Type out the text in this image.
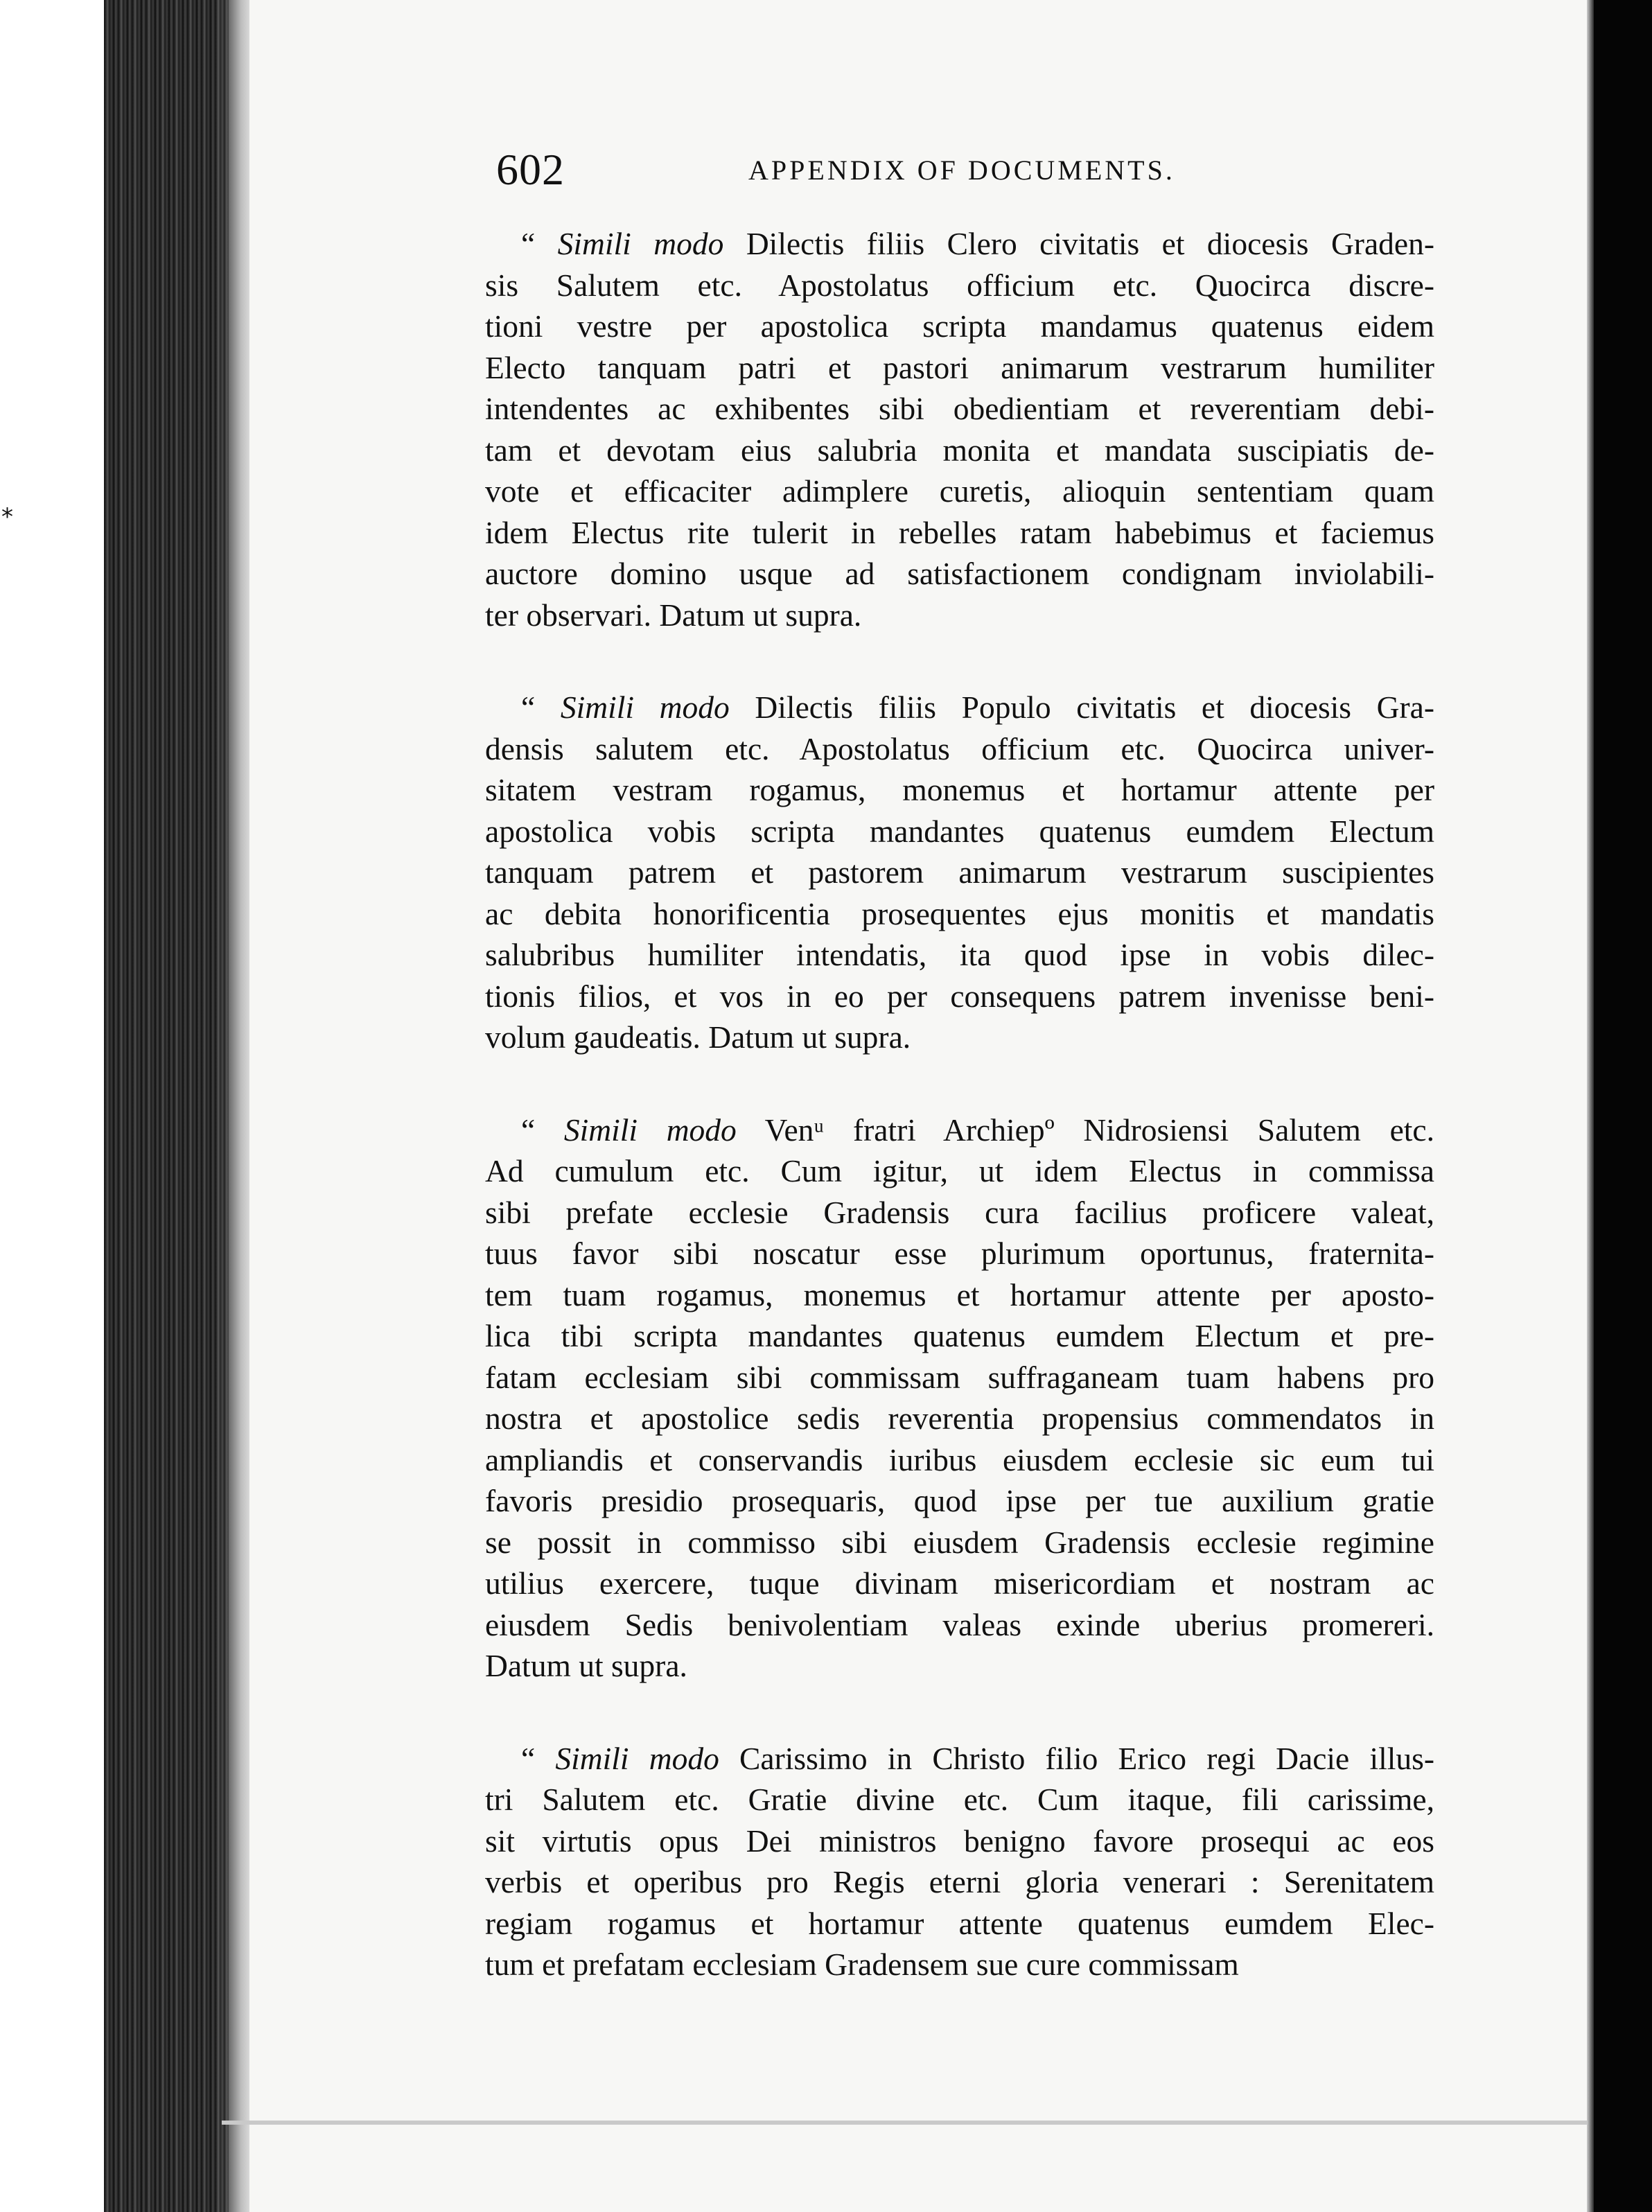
*
602	APPENDIX OF DOCUMENTS.
“ Simili modo Dilectis filiis Clero civitatis et diocesis Graden-
sis Salutem etc. Apostolatus officium etc. Quocirca discre-
tioni vestre per apostolica scripta mandamus quatenus eidem
Electo tanquam patri et pastori animarum vestrarum humiliter
intendentes ac exhibentes sibi obedientiam et reverentiam debi-
tam et devotam eius salubria monita et mandata suscipiatis de-
vote et efficaciter adimplere curetis, alioquin sententiam quam
idem Electus rite tulerit in rebelles ratam habebimus et faciemus
auctore domino usque ad satisfactionem condignam inviolabili-
ter observari. Datum ut supra.
“ Simili modo Dilectis filiis Populo civitatis et diocesis Gra-
densis salutem etc. Apostolatus officium etc. Quocirca univer-
sitatem vestram rogamus, monemus et hortamur attente per
apostolica vobis scripta mandantes quatenus eumdem Electum
tanquam patrem et pastorem animarum vestrarum suscipientes
ac debita honorificentia prosequentes ejus monitis et mandatis
salubribus humiliter intendatis, ita quod ipse in vobis dilec-
tionis filios, et vos in eo per consequens patrem invenisse beni-
volum gaudeatis. Datum ut supra.
“ Simili modo Venᵘ fratri Archiepº Nidrosiensi Salutem etc.
Ad cumulum etc. Cum igitur, ut idem Electus in commissa
sibi prefate ecclesie Gradensis cura facilius proficere valeat,
tuus favor sibi noscatur esse plurimum oportunus, fraternita-
tem tuam rogamus, monemus et hortamur attente per aposto-
lica tibi scripta mandantes quatenus eumdem Electum et pre-
fatam ecclesiam sibi commissam suffraganeam tuam habens pro
nostra et apostolice sedis reverentia propensius commendatos in
ampliandis et conservandis iuribus eiusdem ecclesie sic eum tui
favoris presidio prosequaris, quod ipse per tue auxilium gratie
se possit in commisso sibi eiusdem Gradensis ecclesie regimine
utilius exercere, tuque divinam misericordiam et nostram ac
eiusdem Sedis benivolentiam valeas exinde uberius promereri.
Datum ut supra.
“ Simili modo Carissimo in Christo filio Erico regi Dacie illus-
tri Salutem etc. Gratie divine etc. Cum itaque, fili carissime,
sit virtutis opus Dei ministros benigno favore prosequi ac eos
verbis et operibus pro Regis eterni gloria venerari : Serenitatem
regiam rogamus et hortamur attente quatenus eumdem Elec-
tum et prefatam ecclesiam Gradensem sue cure commissam
